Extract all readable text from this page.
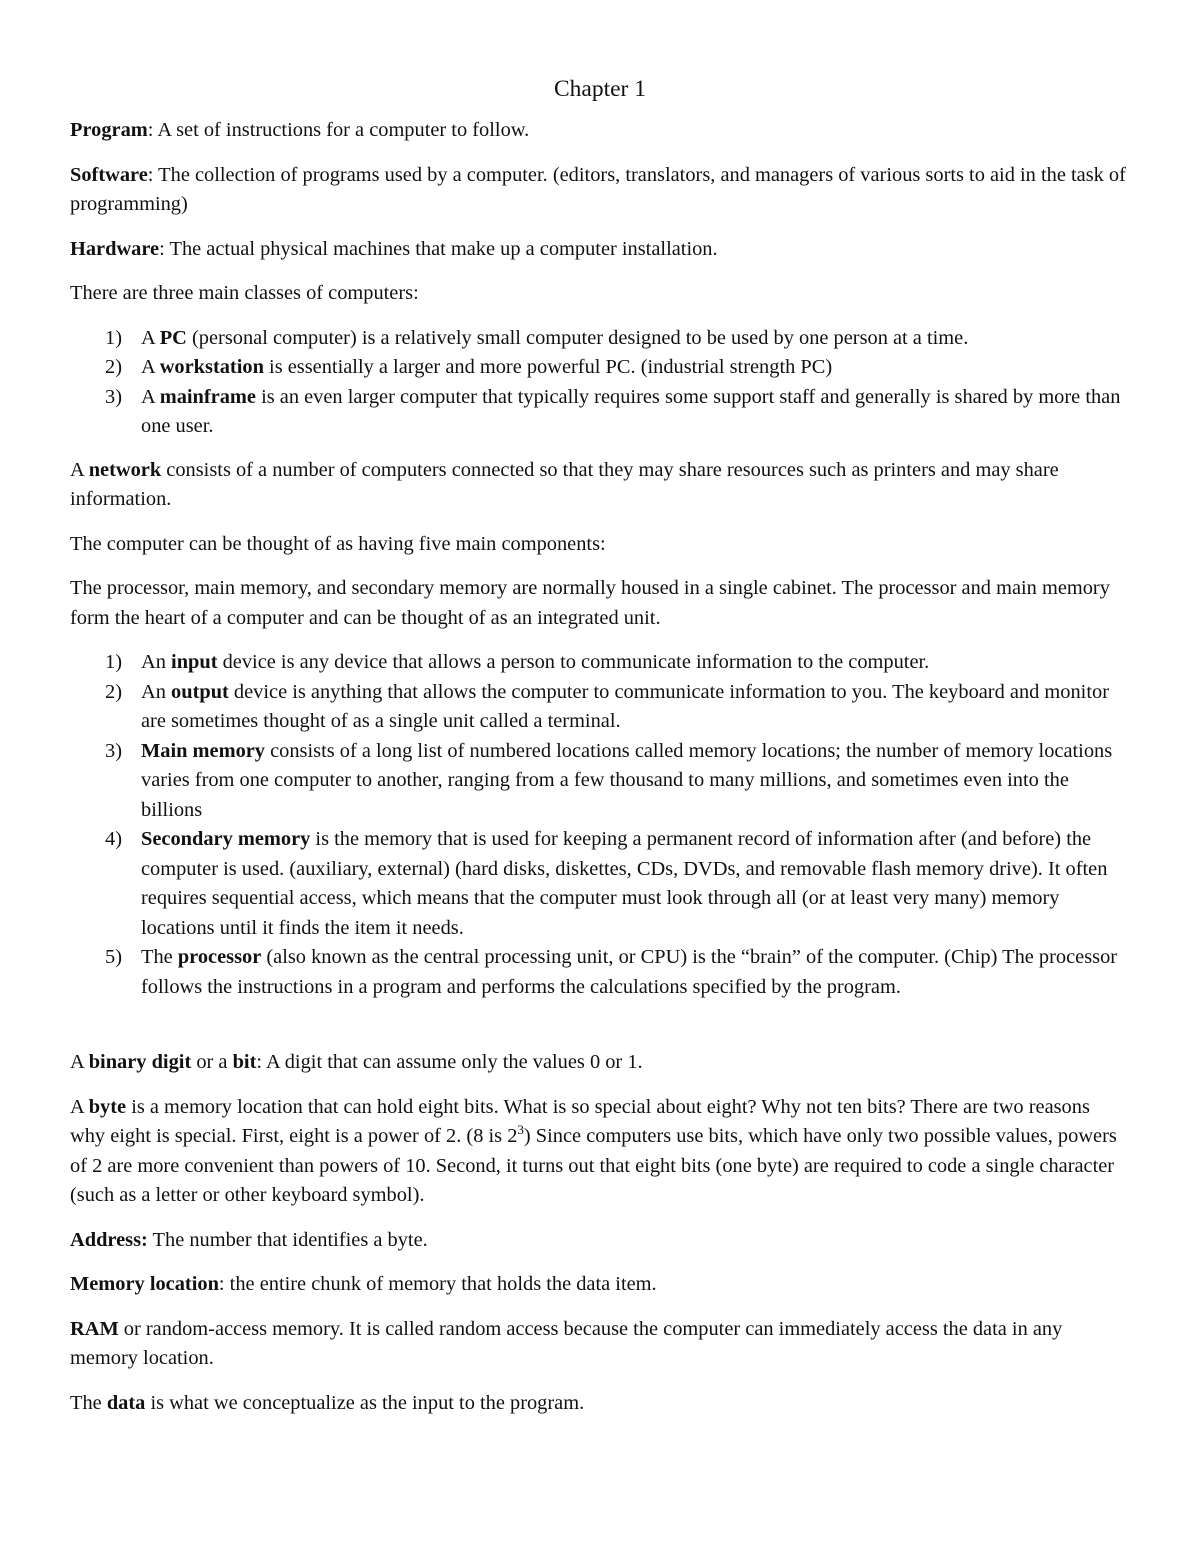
Chapter 1

Program: A set of instructions for a computer to follow.

Software: The collection of programs used by a computer. (editors, translators, and managers of various sorts to aid in the task of programming)

Hardware: The actual physical machines that make up a computer installation.

There are three main classes of computers:

1) A PC (personal computer) is a relatively small computer designed to be used by one person at a time.
2) A workstation is essentially a larger and more powerful PC. (industrial strength PC)
3) A mainframe is an even larger computer that typically requires some support staff and generally is shared by more than one user.

A network consists of a number of computers connected so that they may share resources such as printers and may share information.

The computer can be thought of as having five main components:

The processor, main memory, and secondary memory are normally housed in a single cabinet. The processor and main memory form the heart of a computer and can be thought of as an integrated unit.

1) An input device is any device that allows a person to communicate information to the computer.
2) An output device is anything that allows the computer to communicate information to you. The keyboard and monitor are sometimes thought of as a single unit called a terminal.
3) Main memory consists of a long list of numbered locations called memory locations; the number of memory locations varies from one computer to another, ranging from a few thousand to many millions, and sometimes even into the billions
4) Secondary memory is the memory that is used for keeping a permanent record of information after (and before) the computer is used. (auxiliary, external) (hard disks, diskettes, CDs, DVDs, and removable flash memory drive). It often requires sequential access, which means that the computer must look through all (or at least very many) memory locations until it finds the item it needs.
5) The processor (also known as the central processing unit, or CPU) is the “brain” of the computer. (Chip) The processor follows the instructions in a program and performs the calculations specified by the program.

A binary digit or a bit: A digit that can assume only the values 0 or 1.

A byte is a memory location that can hold eight bits. What is so special about eight? Why not ten bits? There are two reasons why eight is special. First, eight is a power of 2. (8 is $2^3$) Since computers use bits, which have only two possible values, powers of 2 are more convenient than powers of 10. Second, it turns out that eight bits (one byte) are required to code a single character (such as a letter or other keyboard symbol).

Address: The number that identifies a byte.

Memory location: the entire chunk of memory that holds the data item.

RAM or random-access memory. It is called random access because the computer can immediately access the data in any memory location.

The data is what we conceptualize as the input to the program.
